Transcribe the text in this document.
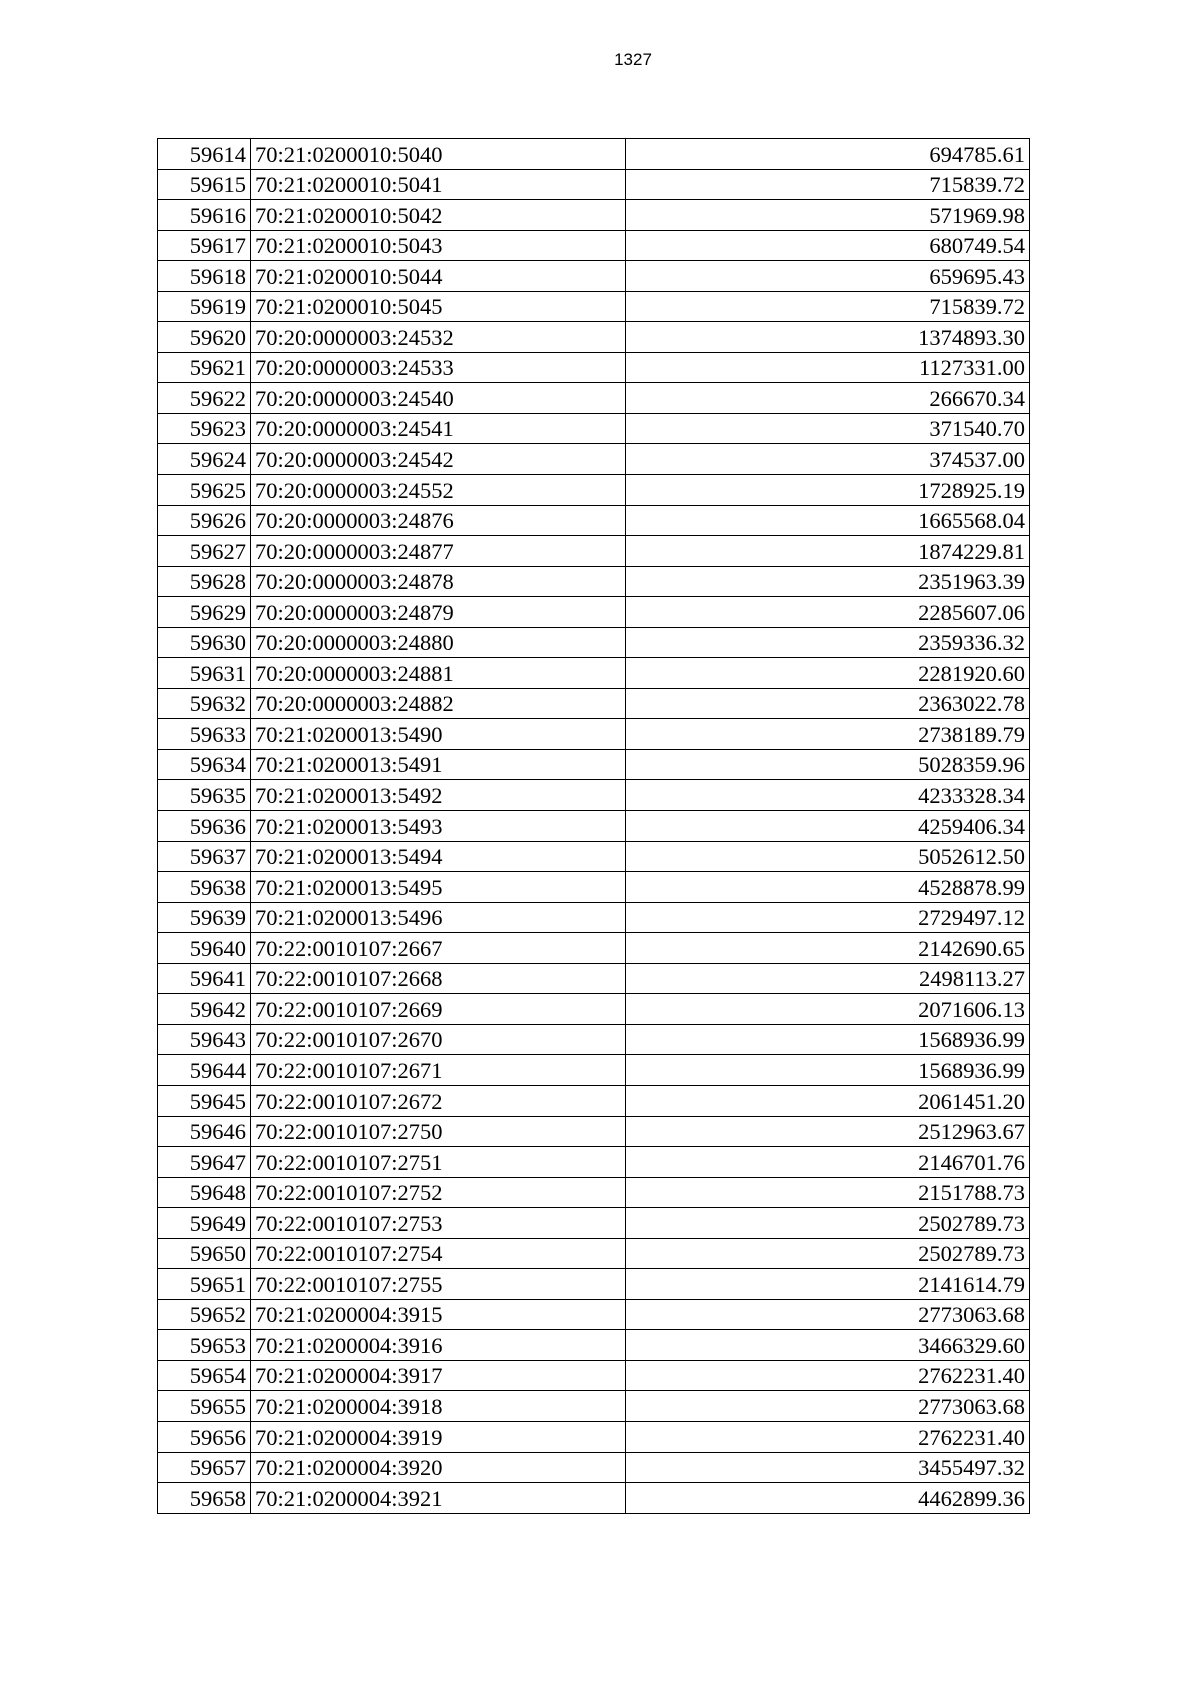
1327
59614	70:21:0200010:5040	694785.61
59615	70:21:0200010:5041	715839.72
59616	70:21:0200010:5042	571969.98
59617	70:21:0200010:5043	680749.54
59618	70:21:0200010:5044	659695.43
59619	70:21:0200010:5045	715839.72
59620	70:20:0000003:24532	1374893.30
59621	70:20:0000003:24533	1127331.00
59622	70:20:0000003:24540	266670.34
59623	70:20:0000003:24541	371540.70
59624	70:20:0000003:24542	374537.00
59625	70:20:0000003:24552	1728925.19
59626	70:20:0000003:24876	1665568.04
59627	70:20:0000003:24877	1874229.81
59628	70:20:0000003:24878	2351963.39
59629	70:20:0000003:24879	2285607.06
59630	70:20:0000003:24880	2359336.32
59631	70:20:0000003:24881	2281920.60
59632	70:20:0000003:24882	2363022.78
59633	70:21:0200013:5490	2738189.79
59634	70:21:0200013:5491	5028359.96
59635	70:21:0200013:5492	4233328.34
59636	70:21:0200013:5493	4259406.34
59637	70:21:0200013:5494	5052612.50
59638	70:21:0200013:5495	4528878.99
59639	70:21:0200013:5496	2729497.12
59640	70:22:0010107:2667	2142690.65
59641	70:22:0010107:2668	2498113.27
59642	70:22:0010107:2669	2071606.13
59643	70:22:0010107:2670	1568936.99
59644	70:22:0010107:2671	1568936.99
59645	70:22:0010107:2672	2061451.20
59646	70:22:0010107:2750	2512963.67
59647	70:22:0010107:2751	2146701.76
59648	70:22:0010107:2752	2151788.73
59649	70:22:0010107:2753	2502789.73
59650	70:22:0010107:2754	2502789.73
59651	70:22:0010107:2755	2141614.79
59652	70:21:0200004:3915	2773063.68
59653	70:21:0200004:3916	3466329.60
59654	70:21:0200004:3917	2762231.40
59655	70:21:0200004:3918	2773063.68
59656	70:21:0200004:3919	2762231.40
59657	70:21:0200004:3920	3455497.32
59658	70:21:0200004:3921	4462899.36
